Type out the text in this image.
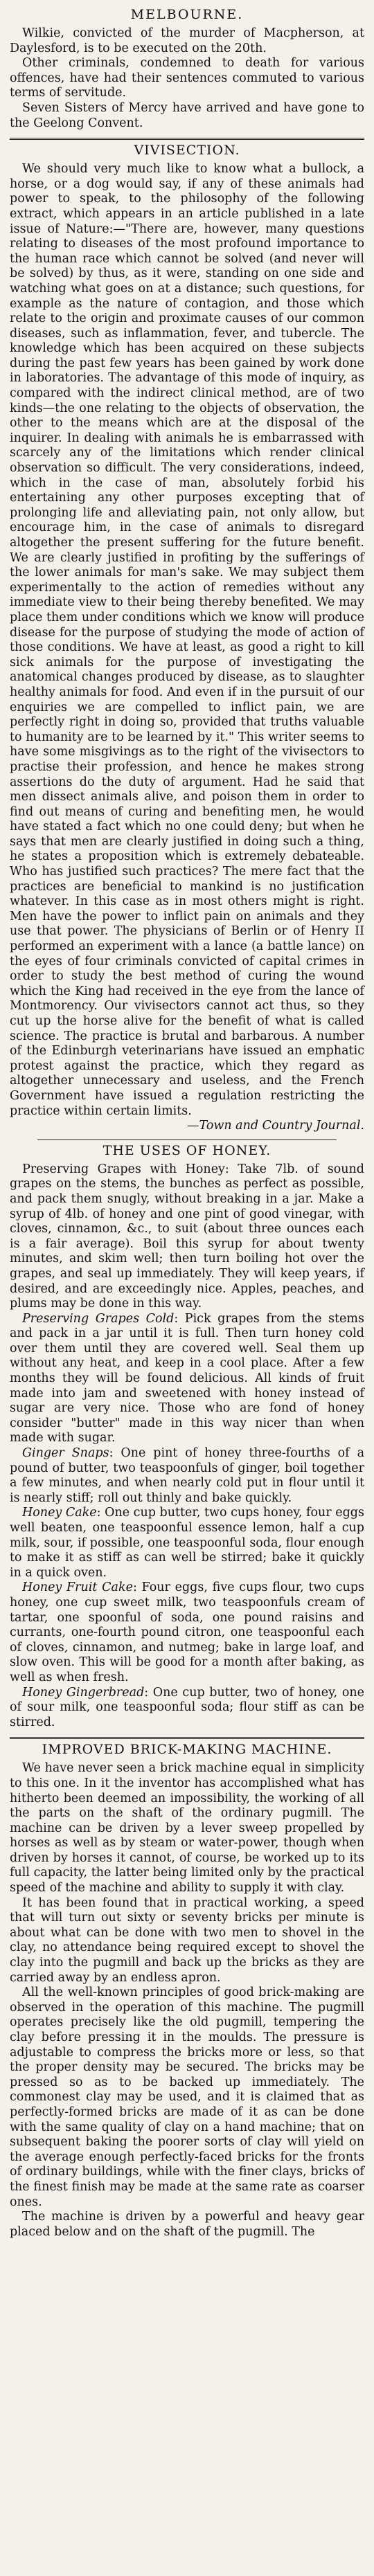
MELBOURNE.

Wilkie, convicted of the murder of Macpherson, at Daylesford, is to be executed on the 20th.

Other criminals, condemned to death for various offences, have had their sentences commuted to various terms of servitude.

Seven Sisters of Mercy have arrived and have gone to the Geelong Convent.

VIVISECTION.

We should very much like to know what a bullock, a horse, or a dog would say, if any of these animals had power to speak, to the philosophy of the following extract, which appears in an article published in a late issue of Nature:—"There are, however, many questions relating to diseases of the most profound importance to the human race which cannot be solved (and never will be solved) by thus, as it were, standing on one side and watching what goes on at a distance; such questions, for example as the nature of contagion, and those which relate to the origin and proximate causes of our common diseases, such as inflammation, fever, and tubercle. The knowledge which has been acquired on these subjects during the past few years has been gained by work done in laboratories. The advantage of this mode of inquiry, as compared with the indirect clinical method, are of two kinds—the one relating to the objects of observation, the other to the means which are at the disposal of the inquirer. In dealing with animals he is embarrassed with scarcely any of the limitations which render clinical observation so difficult. The very considerations, indeed, which in the case of man, absolutely forbid his entertaining any other purposes excepting that of prolonging life and alleviating pain, not only allow, but encourage him, in the case of animals to disregard altogether the present suffering for the future benefit. We are clearly justified in profiting by the sufferings of the lower animals for man's sake. We may subject them experimentally to the action of remedies without any immediate view to their being thereby benefited. We may place them under conditions which we know will produce disease for the purpose of studying the mode of action of those conditions. We have at least, as good a right to kill sick animals for the purpose of investigating the anatomical changes produced by disease, as to slaughter healthy animals for food. And even if in the pursuit of our enquiries we are compelled to inflict pain, we are perfectly right in doing so, provided that truths valuable to humanity are to be learned by it." This writer seems to have some misgivings as to the right of the vivisectors to practise their profession, and hence he makes strong assertions do the duty of argument. Had he said that men dissect animals alive, and poison them in order to find out means of curing and benefiting men, he would have stated a fact which no one could deny; but when he says that men are clearly justified in doing such a thing, he states a proposition which is extremely debateable. Who has justified such practices? The mere fact that the practices are beneficial to mankind is no justification whatever. In this case as in most others might is right. Men have the power to inflict pain on animals and they use that power. The physicians of Berlin or of Henry II performed an experiment with a lance (a battle lance) on the eyes of four criminals convicted of capital crimes in order to study the best method of curing the wound which the King had received in the eye from the lance of Montmorency. Our vivisectors cannot act thus, so they cut up the horse alive for the benefit of what is called science. The practice is brutal and barbarous. A number of the Edinburgh veterinarians have issued an emphatic protest against the practice, which they regard as altogether unnecessary and useless, and the French Government have issued a regulation restricting the practice within certain limits.

—Town and Country Journal.

THE USES OF HONEY.

Preserving Grapes with Honey: Take 7lb. of sound grapes on the stems, the bunches as perfect as possible, and pack them snugly, without breaking in a jar. Make a syrup of 4lb. of honey and one pint of good vinegar, with cloves, cinnamon, &c., to suit (about three ounces each is a fair average). Boil this syrup for about twenty minutes, and skim well; then turn boiling hot over the grapes, and seal up immediately. They will keep years, if desired, and are exceedingly nice. Apples, peaches, and plums may be done in this way.

Preserving Grapes Cold: Pick grapes from the stems and pack in a jar until it is full. Then turn honey cold over them until they are covered well. Seal them up without any heat, and keep in a cool place. After a few months they will be found delicious. All kinds of fruit made into jam and sweetened with honey instead of sugar are very nice. Those who are fond of honey consider "butter" made in this way nicer than when made with sugar.

Ginger Snaps: One pint of honey three-fourths of a pound of butter, two teaspoonfuls of ginger, boil together a few minutes, and when nearly cold put in flour until it is nearly stiff; roll out thinly and bake quickly.

Honey Cake: One cup butter, two cups honey, four eggs well beaten, one teaspoonful essence lemon, half a cup milk, sour, if possible, one teaspoonful soda, flour enough to make it as stiff as can well be stirred; bake it quickly in a quick oven.

Honey Fruit Cake: Four eggs, five cups flour, two cups honey, one cup sweet milk, two teaspoonfuls cream of tartar, one spoonful of soda, one pound raisins and currants, one-fourth pound citron, one teaspoonful each of cloves, cinnamon, and nutmeg; bake in large loaf, and slow oven. This will be good for a month after baking, as well as when fresh.

Honey Gingerbread: One cup butter, two of honey, one of sour milk, one teaspoonful soda; flour stiff as can be stirred.

IMPROVED BRICK-MAKING MACHINE.

We have never seen a brick machine equal in simplicity to this one. In it the inventor has accomplished what has hitherto been deemed an impossibility, the working of all the parts on the shaft of the ordinary pugmill. The machine can be driven by a lever sweep propelled by horses as well as by steam or water-power, though when driven by horses it cannot, of course, be worked up to its full capacity, the latter being limited only by the practical speed of the machine and ability to supply it with clay.

It has been found that in practical working, a speed that will turn out sixty or seventy bricks per minute is about what can be done with two men to shovel in the clay, no attendance being required except to shovel the clay into the pugmill and back up the bricks as they are carried away by an endless apron.

All the well-known principles of good brick-making are observed in the operation of this machine. The pugmill operates precisely like the old pugmill, tempering the clay before pressing it in the moulds. The pressure is adjustable to compress the bricks more or less, so that the proper density may be secured. The bricks may be pressed so as to be backed up immediately. The commonest clay may be used, and it is claimed that as perfectly-formed bricks are made of it as can be done with the same quality of clay on a hand machine; that on subsequent baking the poorer sorts of clay will yield on the average enough perfectly-faced bricks for the fronts of ordinary buildings, while with the finer clays, bricks of the finest finish may be made at the same rate as coarser ones.

The machine is driven by a powerful and heavy gear placed below and on the shaft of the pugmill. The
